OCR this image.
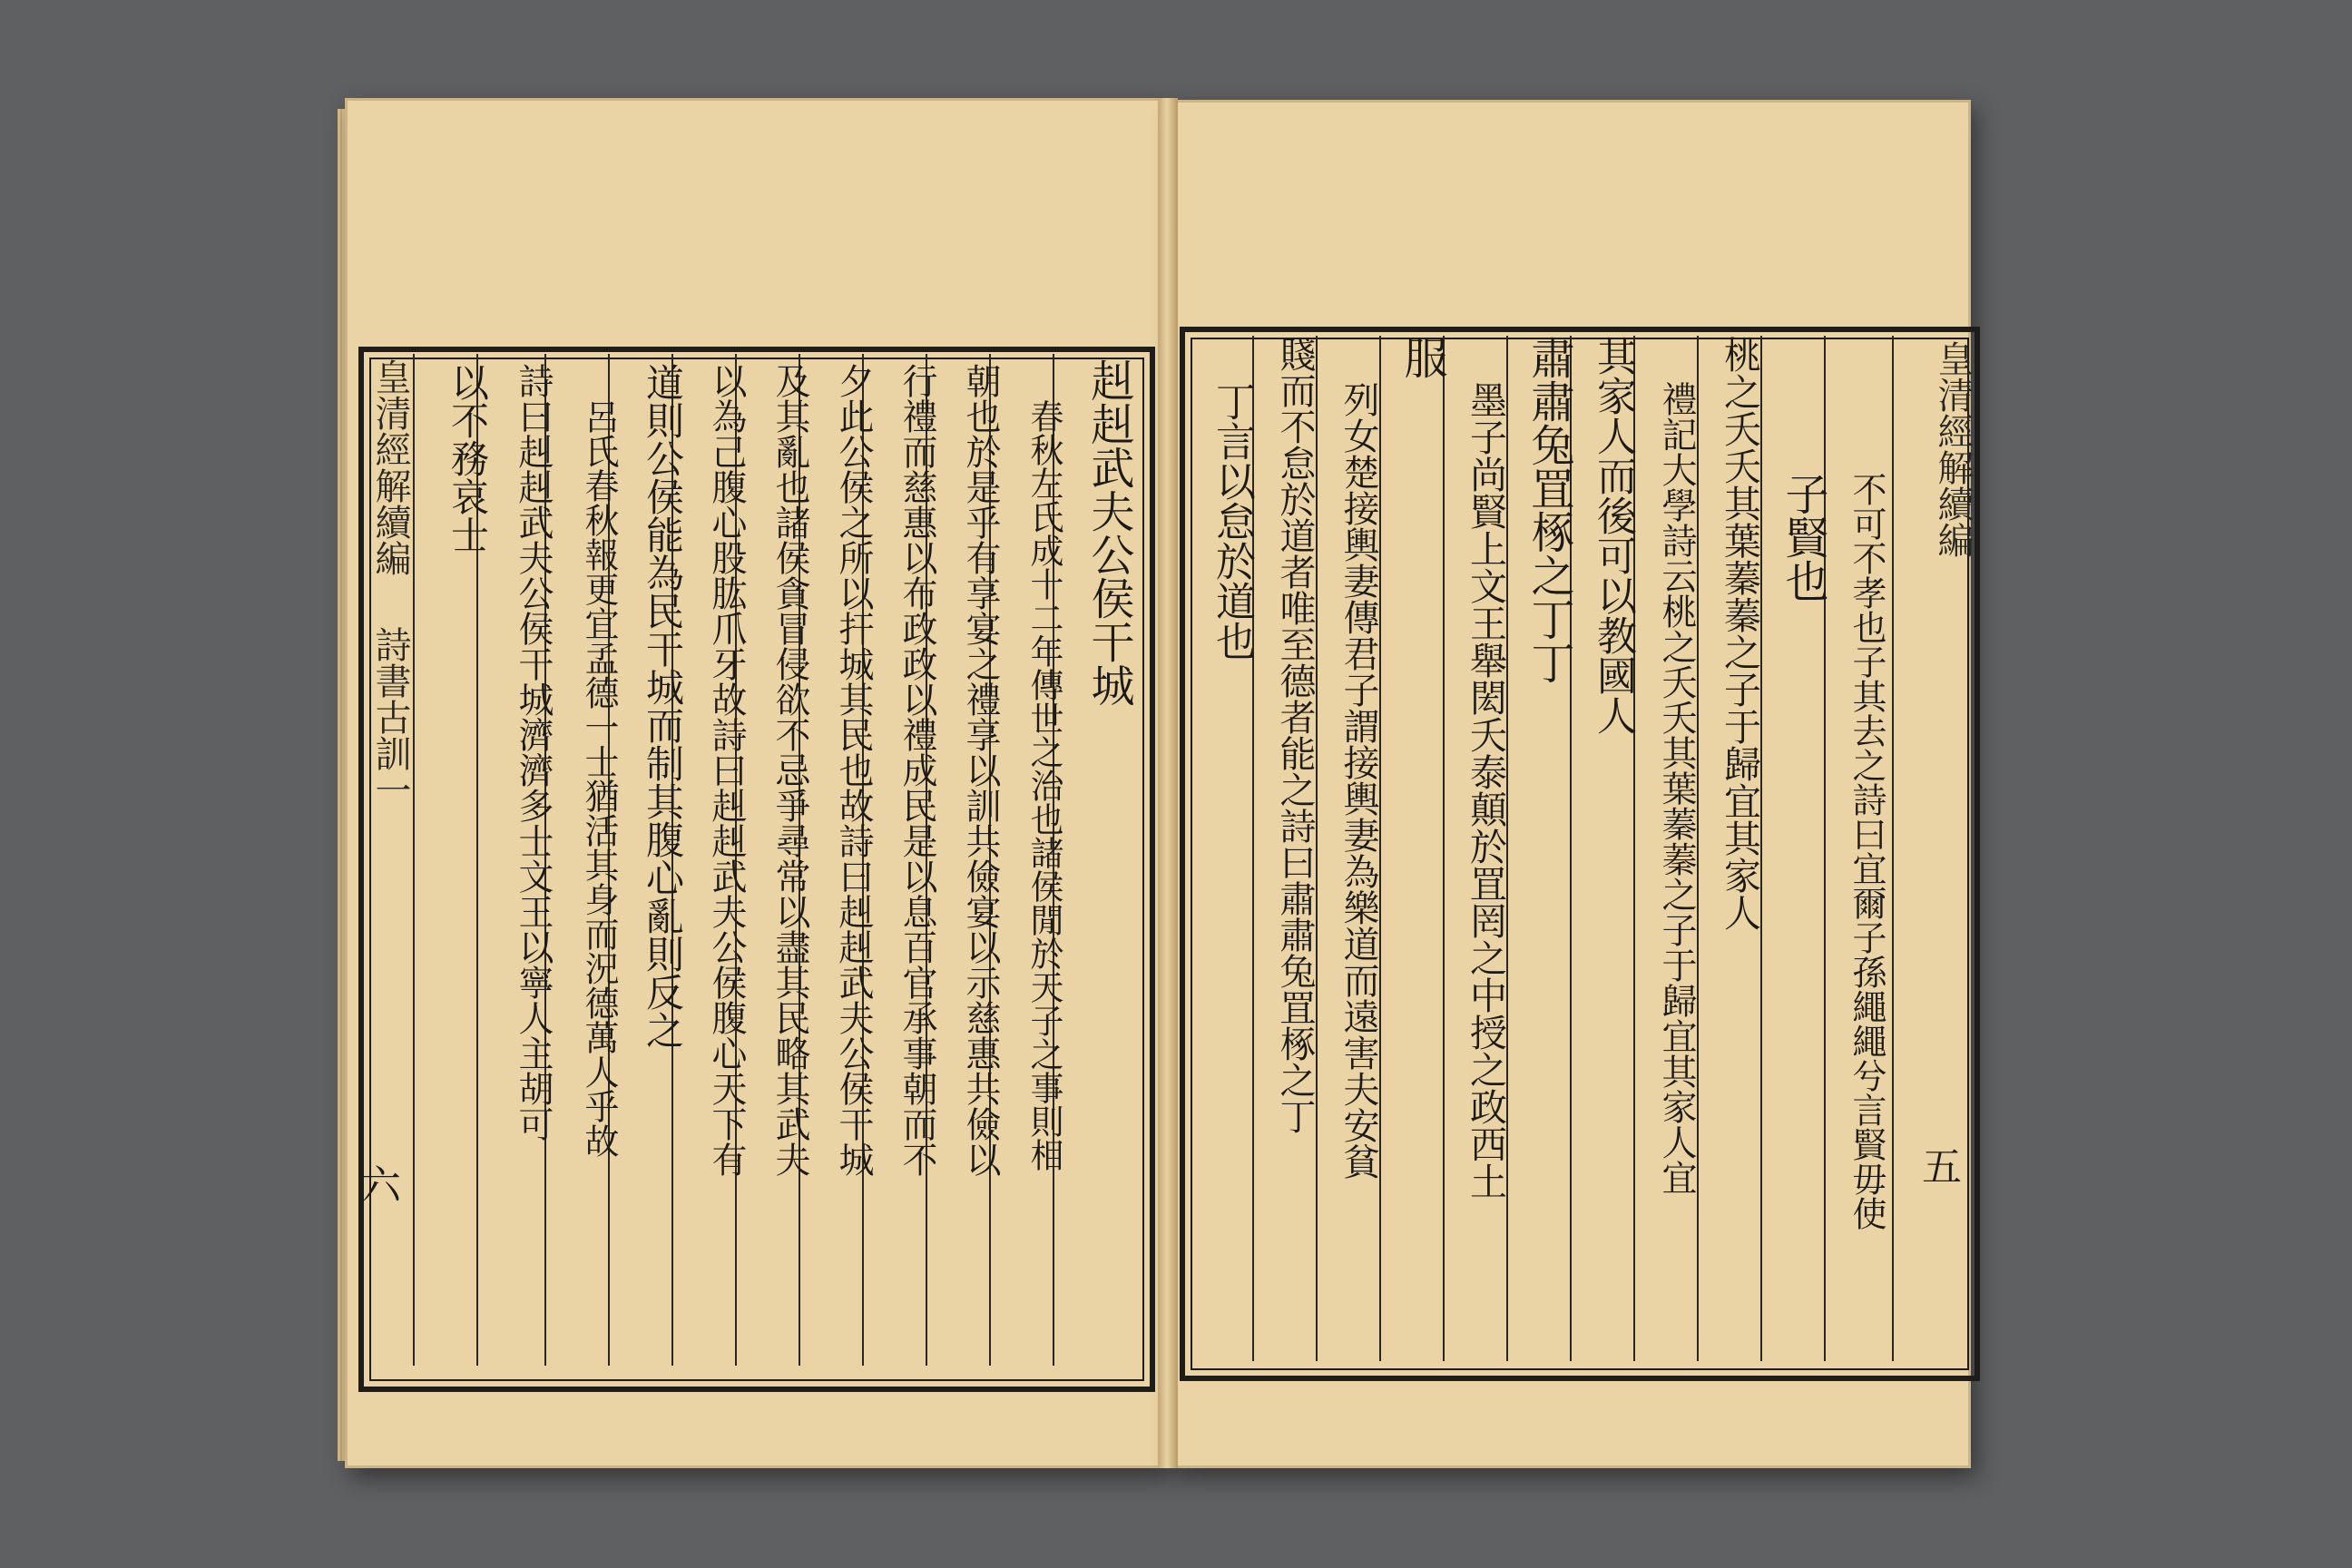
皇清經解續編
詩書古訓一
六
赳赳武夫公侯干城
春秋左氏成十二年傳世之治也諸侯閒於天子之事則相
朝也於是乎有享宴之禮享以訓共儉宴以示慈惠共儉以
行禮而慈惠以布政政以禮成民是以息百官承事朝而不
夕此公侯之所以扞城其民也故詩曰赳赳武夫公侯干城
及其亂也諸侯貪冒侵欲不忌爭尋常以盡其民略其武夫
以為己腹心股肱爪牙故詩曰赳赳武夫公侯腹心天下有
道則公侯能為民干城而制其腹心亂則反之
呂氏春秋報更宜孟德一士猶活其身而況德萬人乎故
詩曰赳赳武夫公侯干城濟濟多士文王以寧人主胡可
以不務哀士	皇清經解續編
五
不可不孝也子其去之詩曰宜爾子孫繩繩兮言賢毋使
子賢也
桃之夭夭其葉蓁蓁之子于歸宜其家人
禮記大學詩云桃之夭夭其葉蓁蓁之子于歸宜其家人宜
其家人而後可以教國人
肅肅兔罝椓之丁丁
墨子尚賢上文王舉閎夭泰顛於罝罔之中授之政西土
服
列女楚接輿妻傳君子謂接輿妻為樂道而遠害夫安貧
賤而不怠於道者唯至德者能之詩曰肅肅兔罝椓之丁
丁言以怠於道也
